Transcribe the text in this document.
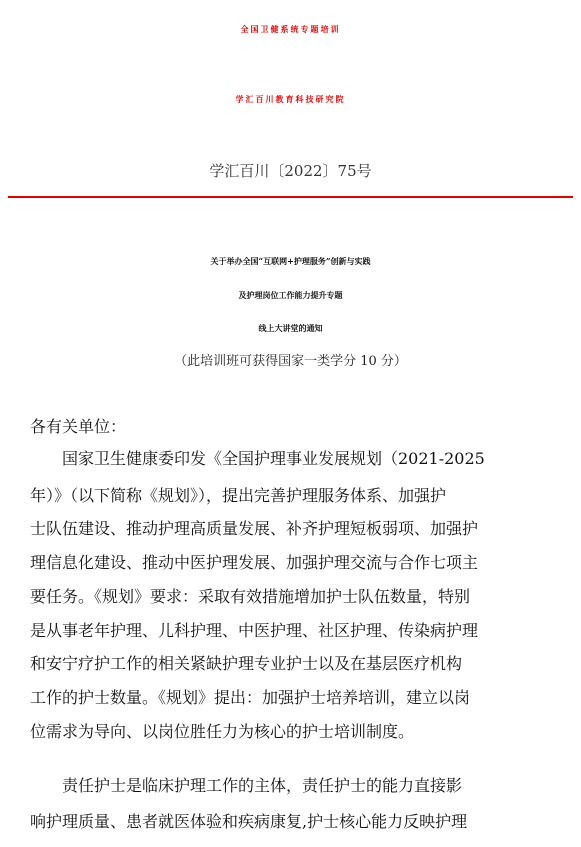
全国卫健系统专题培训
学汇百川教育科技研究院
学汇百川〔2022〕75号
关于举办全国“互联网+护理服务”创新与实践
及护理岗位工作能力提升专题
线上大讲堂的通知
（此培训班可获得国家一类学分 10 分）
各有关单位：
国家卫生健康委印发《全国护理事业发展规划（2021-2025
年）》（以下简称《规划》），提出完善护理服务体系、加强护
士队伍建设、推动护理高质量发展、补齐护理短板弱项、加强护
理信息化建设、推动中医护理发展、加强护理交流与合作七项主
要任务。《规划》要求：采取有效措施增加护士队伍数量，特别
是从事老年护理、儿科护理、中医护理、社区护理、传染病护理
和安宁疗护工作的相关紧缺护理专业护士以及在基层医疗机构
工作的护士数量。《规划》提出：加强护士培养培训，建立以岗
位需求为导向、以岗位胜任力为核心的护士培训制度。
责任护士是临床护理工作的主体，责任护士的能力直接影
响护理质量、患者就医体验和疾病康复,护士核心能力反映护理
